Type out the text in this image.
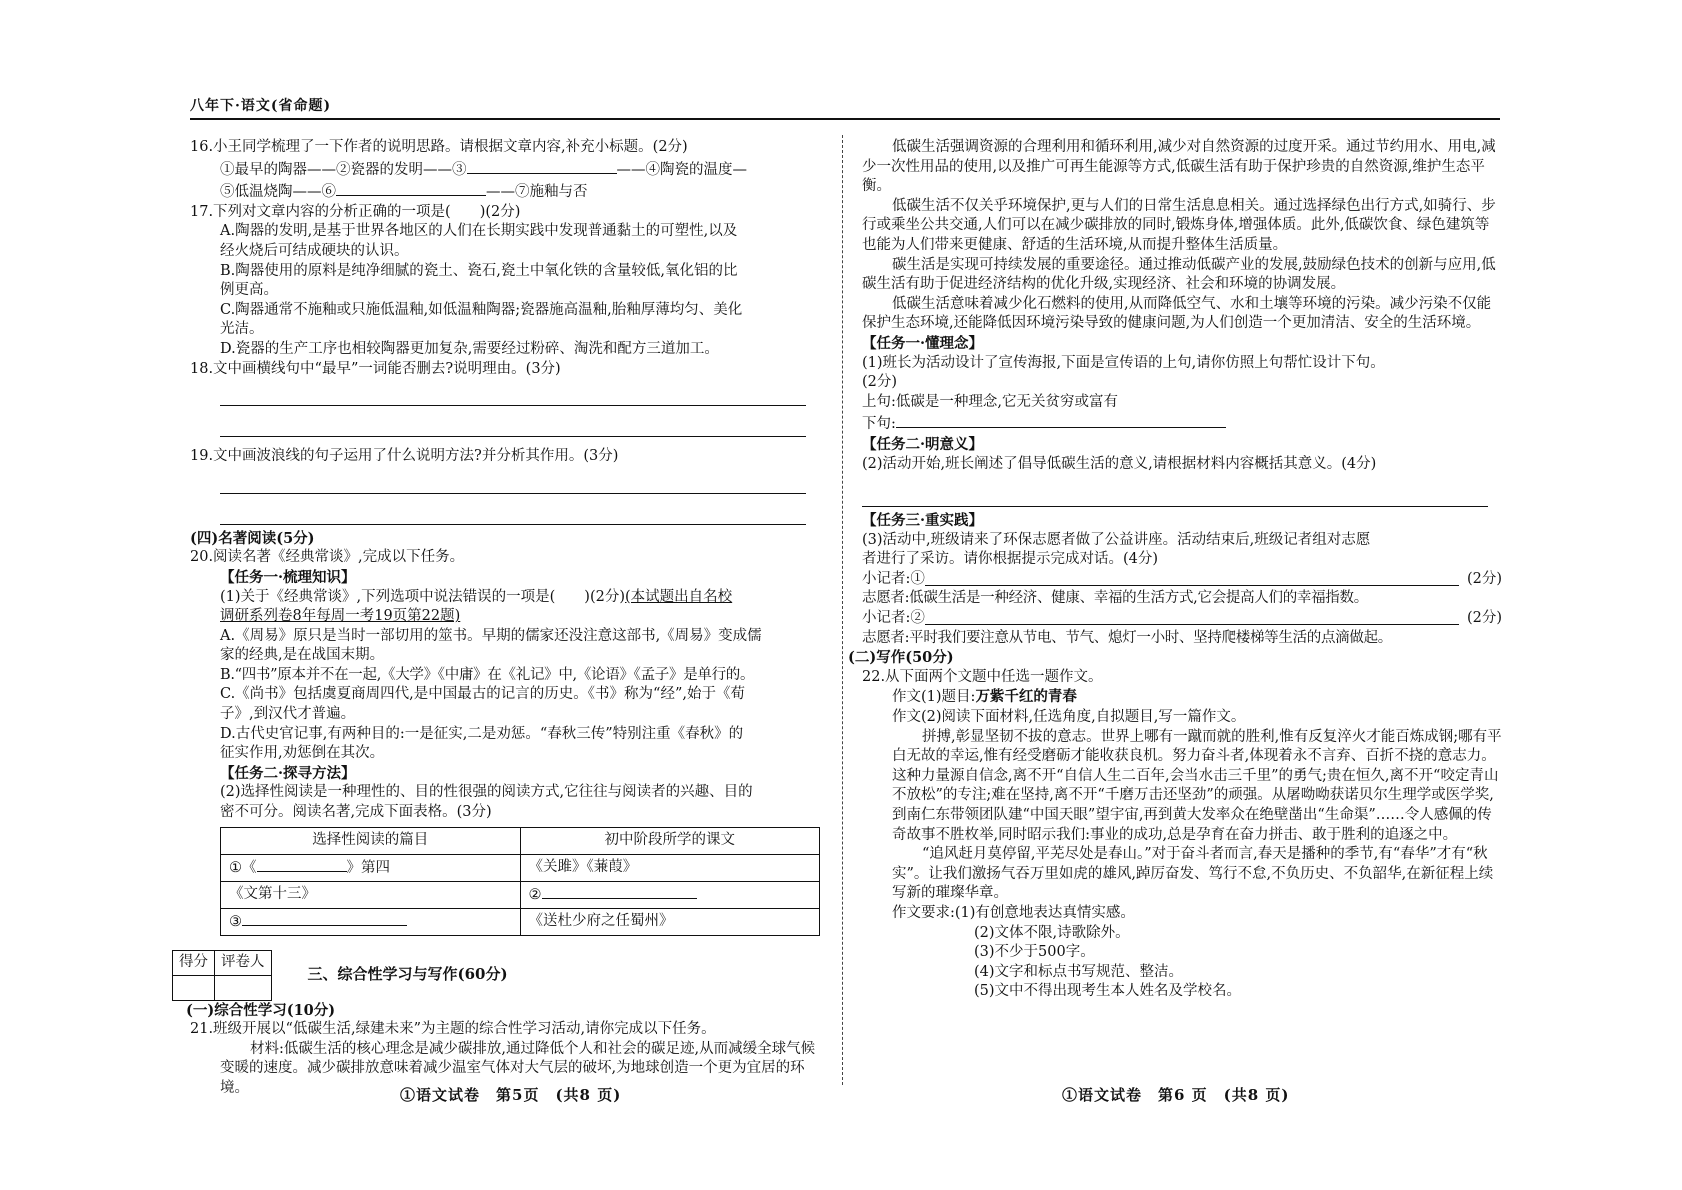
八年下·语文(省命题)

16.小王同学梳理了一下作者的说明思路。请根据文章内容,补充小标题。(2分)

①最早的陶器——②瓷器的发明——③	——④陶瓷的温度—

⑤低温烧陶——⑥	——⑦施釉与否

17.下列对文章内容的分析正确的一项是(　　)(2分)

A.陶器的发明,是基于世界各地区的人们在长期实践中发现普通黏土的可塑性,以及

经火烧后可结成硬块的认识。

B.陶器使用的原料是纯净细腻的瓷土、瓷石,瓷土中氧化铁的含量较低,氧化铝的比

例更高。

C.陶器通常不施釉或只施低温釉,如低温釉陶器;瓷器施高温釉,胎釉厚薄均匀、美化

光洁。

D.瓷器的生产工序也相较陶器更加复杂,需要经过粉碎、淘洗和配方三道加工。

18.文中画横线句中“最早”一词能否删去?说明理由。(3分)

19.文中画波浪线的句子运用了什么说明方法?并分析其作用。(3分)

(四)名著阅读(5分)

20.阅读名著《经典常谈》,完成以下任务。

【任务一·梳理知识】

(1)关于《经典常谈》,下列选项中说法错误的一项是(　　)(2分)(本试题出自名校

调研系列卷8年每周一考19页第22题)

A.《周易》原只是当时一部切用的筮书。早期的儒家还没注意这部书,《周易》变成儒

家的经典,是在战国末期。

B.“四书”原本并不在一起,《大学》《中庸》在《礼记》中,《论语》《孟子》是单行的。

C.《尚书》包括虞夏商周四代,是中国最古的记言的历史。《书》称为“经”,始于《荀

子》,到汉代才普遍。

D.古代史官记事,有两种目的:一是征实,二是劝惩。“春秋三传”特别注重《春秋》的

征实作用,劝惩倒在其次。

【任务二·探寻方法】

(2)选择性阅读是一种理性的、目的性很强的阅读方式,它往往与阅读者的兴趣、目的

密不可分。阅读名著,完成下面表格。(3分)

选择性阅读的篇目	初中阶段所学的课文
①《 》第四	《关雎》《蒹葭》
《文第十三》	②
③	《送杜少府之任蜀州》
得分	评卷人

三、综合性学习与写作(60分)

(一)综合性学习(10分)

21.班级开展以“低碳生活,绿建未来”为主题的综合性学习活动,请你完成以下任务。

材料:低碳生活的核心理念是减少碳排放,通过降低个人和社会的碳足迹,从而减缓全球气候变暖的速度。减少碳排放意味着减少温室气体对大气层的破坏,为地球创造一个更为宜居的环境。

低碳生活强调资源的合理利用和循环利用,减少对自然资源的过度开采。通过节约用水、用电,减少一次性用品的使用,以及推广可再生能源等方式,低碳生活有助于保护珍贵的自然资源,维护生态平衡。

低碳生活不仅关乎环境保护,更与人们的日常生活息息相关。通过选择绿色出行方式,如骑行、步行或乘坐公共交通,人们可以在减少碳排放的同时,锻炼身体,增强体质。此外,低碳饮食、绿色建筑等也能为人们带来更健康、舒适的生活环境,从而提升整体生活质量。

碳生活是实现可持续发展的重要途径。通过推动低碳产业的发展,鼓励绿色技术的创新与应用,低碳生活有助于促进经济结构的优化升级,实现经济、社会和环境的协调发展。

低碳生活意味着减少化石燃料的使用,从而降低空气、水和土壤等环境的污染。减少污染不仅能保护生态环境,还能降低因环境污染导致的健康问题,为人们创造一个更加清洁、安全的生活环境。

【任务一·懂理念】

(1)班长为活动设计了宣传海报,下面是宣传语的上句,请你仿照上句帮忙设计下句。

(2分)

上句:低碳是一种理念,它无关贫穷或富有

下句:

【任务二·明意义】

(2)活动开始,班长阐述了倡导低碳生活的意义,请根据材料内容概括其意义。(4分)

【任务三·重实践】

(3)活动中,班级请来了环保志愿者做了公益讲座。活动结束后,班级记者组对志愿

者进行了采访。请你根据提示完成对话。(4分)

小记者:①	(2分)

志愿者:低碳生活是一种经济、健康、幸福的生活方式,它会提高人们的幸福指数。

小记者:②	(2分)

志愿者:平时我们要注意从节电、节气、熄灯一小时、坚持爬楼梯等生活的点滴做起。

(二)写作(50分)

22.从下面两个文题中任选一题作文。

作文(1)题目:万紫千红的青春

作文(2)阅读下面材料,任选角度,自拟题目,写一篇作文。

拼搏,彰显坚韧不拔的意志。世界上哪有一蹴而就的胜利,惟有反复淬火才能百炼成钢;哪有平白无故的幸运,惟有经受磨砺才能收获良机。努力奋斗者,体现着永不言弃、百折不挠的意志力。这种力量源自信念,离不开“自信人生二百年,会当水击三千里”的勇气;贵在恒久,离不开“咬定青山不放松”的专注;难在坚持,离不开“千磨万击还坚劲”的顽强。从屠呦呦获诺贝尔生理学或医学奖,到南仁东带领团队建“中国天眼”望宇宙,再到黄大发率众在绝壁凿出“生命渠”……令人感佩的传奇故事不胜枚举,同时昭示我们:事业的成功,总是孕育在奋力拼击、敢于胜利的追逐之中。

“追风赶月莫停留,平芜尽处是春山。”对于奋斗者而言,春天是播种的季节,有“春华”才有“秋实”。让我们激扬气吞万里如虎的雄风,踔厉奋发、笃行不怠,不负历史、不负韶华,在新征程上续写新的璀璨华章。

作文要求:(1)有创意地表达真情实感。

(2)文体不限,诗歌除外。

(3)不少于500字。

(4)文字和标点书写规范、整洁。

(5)文中不得出现考生本人姓名及学校名。

①语文试卷　第5页　(共8 页)	①语文试卷　第6 页　(共8 页)
